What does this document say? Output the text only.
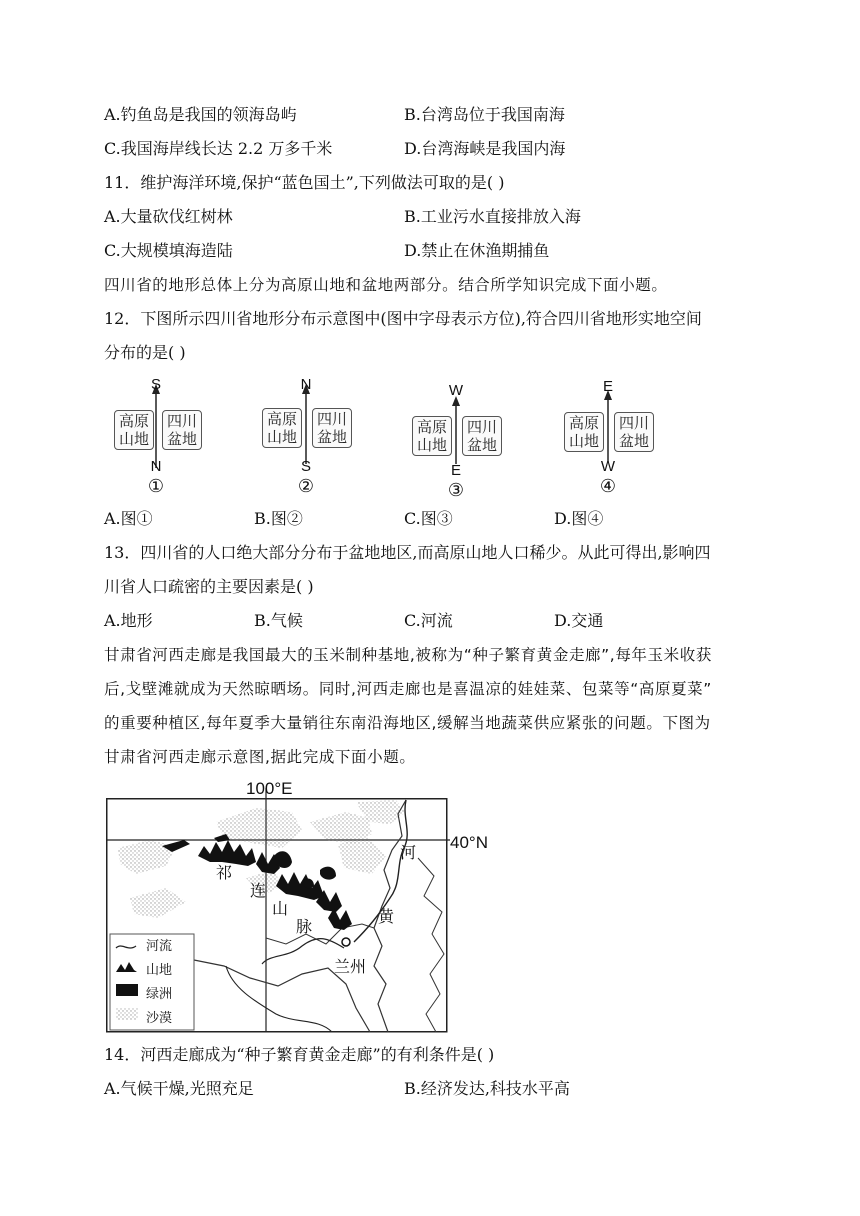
A.钓鱼岛是我国的领海岛屿	B.台湾岛位于我国南海
C.我国海岸线长达 2.2 万多千米	D.台湾海峡是我国内海
11．维护海洋环境,保护“蓝色国土”,下列做法可取的是( )
A.大量砍伐红树林	B.工业污水直接排放入海
C.大规模填海造陆	D.禁止在休渔期捕鱼
四川省的地形总体上分为高原山地和盆地两部分。结合所学知识完成下面小题。
12．下图所示四川省地形分布示意图中(图中字母表示方位),符合四川省地形实地空间
分布的是( )
S
高原
山地
四川
盆地
N
①
N
高原
山地
四川
盆地
S
②
W
高原
山地
四川
盆地
E
③
E
高原
山地
四川
盆地
W
④
A.图①	B.图②	C.图③	D.图④
13．四川省的人口绝大部分分布于盆地地区,而高原山地人口稀少。从此可得出,影响四
川省人口疏密的主要因素是( )
A.地形	B.气候	C.河流	D.交通
甘肃省河西走廊是我国最大的玉米制种基地,被称为“种子繁育黄金走廊”,每年玉米收获
后,戈壁滩就成为天然晾晒场。同时,河西走廊也是喜温凉的娃娃菜、包菜等“高原夏菜”
的重要种植区,每年夏季大量销往东南沿海地区,缓解当地蔬菜供应紧张的问题。下图为
甘肃省河西走廊示意图,据此完成下面小题。
100°E
40°N
祁
连
山
脉
兰州
河
黄
河流
山地
绿洲
沙漠
14．河西走廊成为“种子繁育黄金走廊”的有利条件是( )
A.气候干燥,光照充足	B.经济发达,科技水平高
